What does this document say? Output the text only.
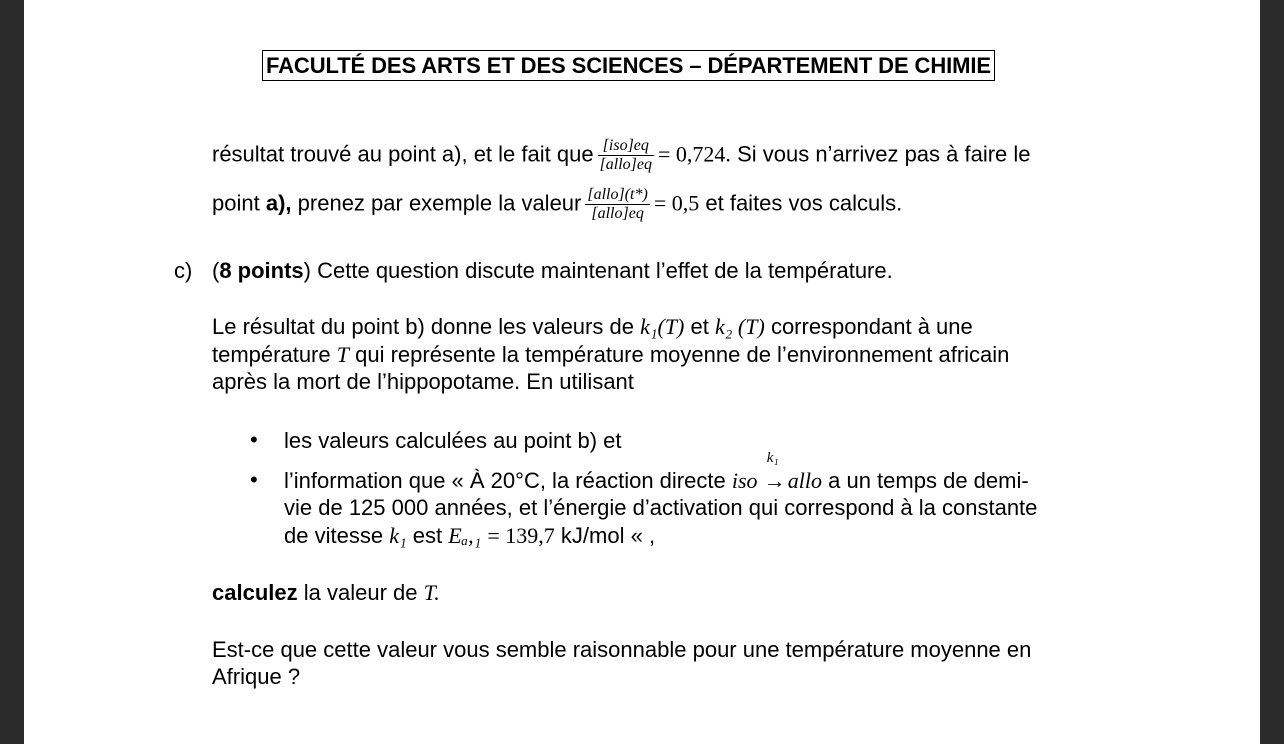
FACULTÉ DES ARTS ET DES SCIENCES – DÉPARTEMENT DE CHIMIE
résultat trouvé au point a), et le fait que $\frac{\text{[iso]eq}}{\text{[allo]eq}} = 0,724$. Si vous n’arrivez pas à faire le
point a), prenez par exemple la valeur $\frac{\text{[allo](t*)}}{\text{[allo]eq}} = 0,5$ et faites vos calculs.
c) (8 points) Cette question discute maintenant l’effet de la température.
Le résultat du point b) donne les valeurs de k₁(T) et k₂ (T) correspondant à une
température T qui représente la température moyenne de l’environnement africain
après la mort de l’hippopotame. En utilisant
• les valeurs calculées au point b) et
• l’information que « À 20°C, la réaction directe iso
k₁
→ allo a un temps de demi-
vie de 125 000 années, et l’énergie d’activation qui correspond à la constante
de vitesse k₁ est Eₐ,₁ = 139,7 kJ/mol « ,
calculez la valeur de T.
Est-ce que cette valeur vous semble raisonnable pour une température moyenne en
Afrique ?
